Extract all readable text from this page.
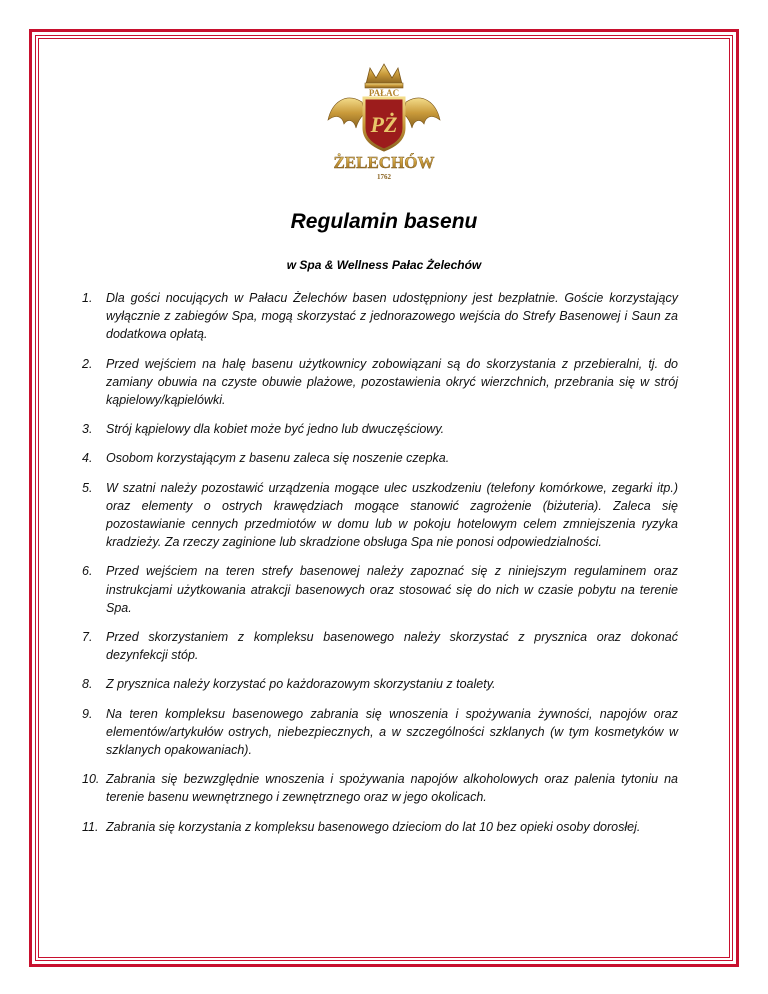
PAŁAC
PŻ
ŻELECHÓW
1762
Regulamin basenu
w Spa & Wellness Pałac Żelechów
1. Dla gości nocujących w Pałacu Żelechów basen udostępniony jest bezpłatnie. Goście korzystający wyłącznie z zabiegów Spa, mogą skorzystać z jednorazowego wejścia do Strefy Basenowej i Saun za dodatkowa opłatą.
2. Przed wejściem na halę basenu użytkownicy zobowiązani są do skorzystania z przebieralni, tj. do zamiany obuwia na czyste obuwie plażowe, pozostawienia okryć wierzchnich, przebrania się w strój kąpielowy/kąpielówki.
3. Strój kąpielowy dla kobiet może być jedno lub dwuczęściowy.
4. Osobom korzystającym z basenu zaleca się noszenie czepka.
5. W szatni należy pozostawić urządzenia mogące ulec uszkodzeniu (telefony komórkowe, zegarki itp.) oraz elementy o ostrych krawędziach mogące stanowić zagrożenie (biżuteria). Zaleca się pozostawianie cennych przedmiotów w domu lub w pokoju hotelowym celem zmniejszenia ryzyka kradzieży. Za rzeczy zaginione lub skradzione obsługa Spa nie ponosi odpowiedzialności.
6. Przed wejściem na teren strefy basenowej należy zapoznać się z niniejszym regulaminem oraz instrukcjami użytkowania atrakcji basenowych oraz stosować się do nich w czasie pobytu na terenie Spa.
7. Przed skorzystaniem z kompleksu basenowego należy skorzystać z prysznica oraz dokonać dezynfekcji stóp.
8. Z prysznica należy korzystać po każdorazowym skorzystaniu z toalety.
9. Na teren kompleksu basenowego zabrania się wnoszenia i spożywania żywności, napojów oraz elementów/artykułów ostrych, niebezpiecznych, a w szczególności szklanych (w tym kosmetyków w szklanych opakowaniach).
10. Zabrania się bezwzględnie wnoszenia i spożywania napojów alkoholowych oraz palenia tytoniu na terenie basenu wewnętrznego i zewnętrznego oraz w jego okolicach.
11. Zabrania się korzystania z kompleksu basenowego dzieciom do lat 10 bez opieki osoby dorosłej.
